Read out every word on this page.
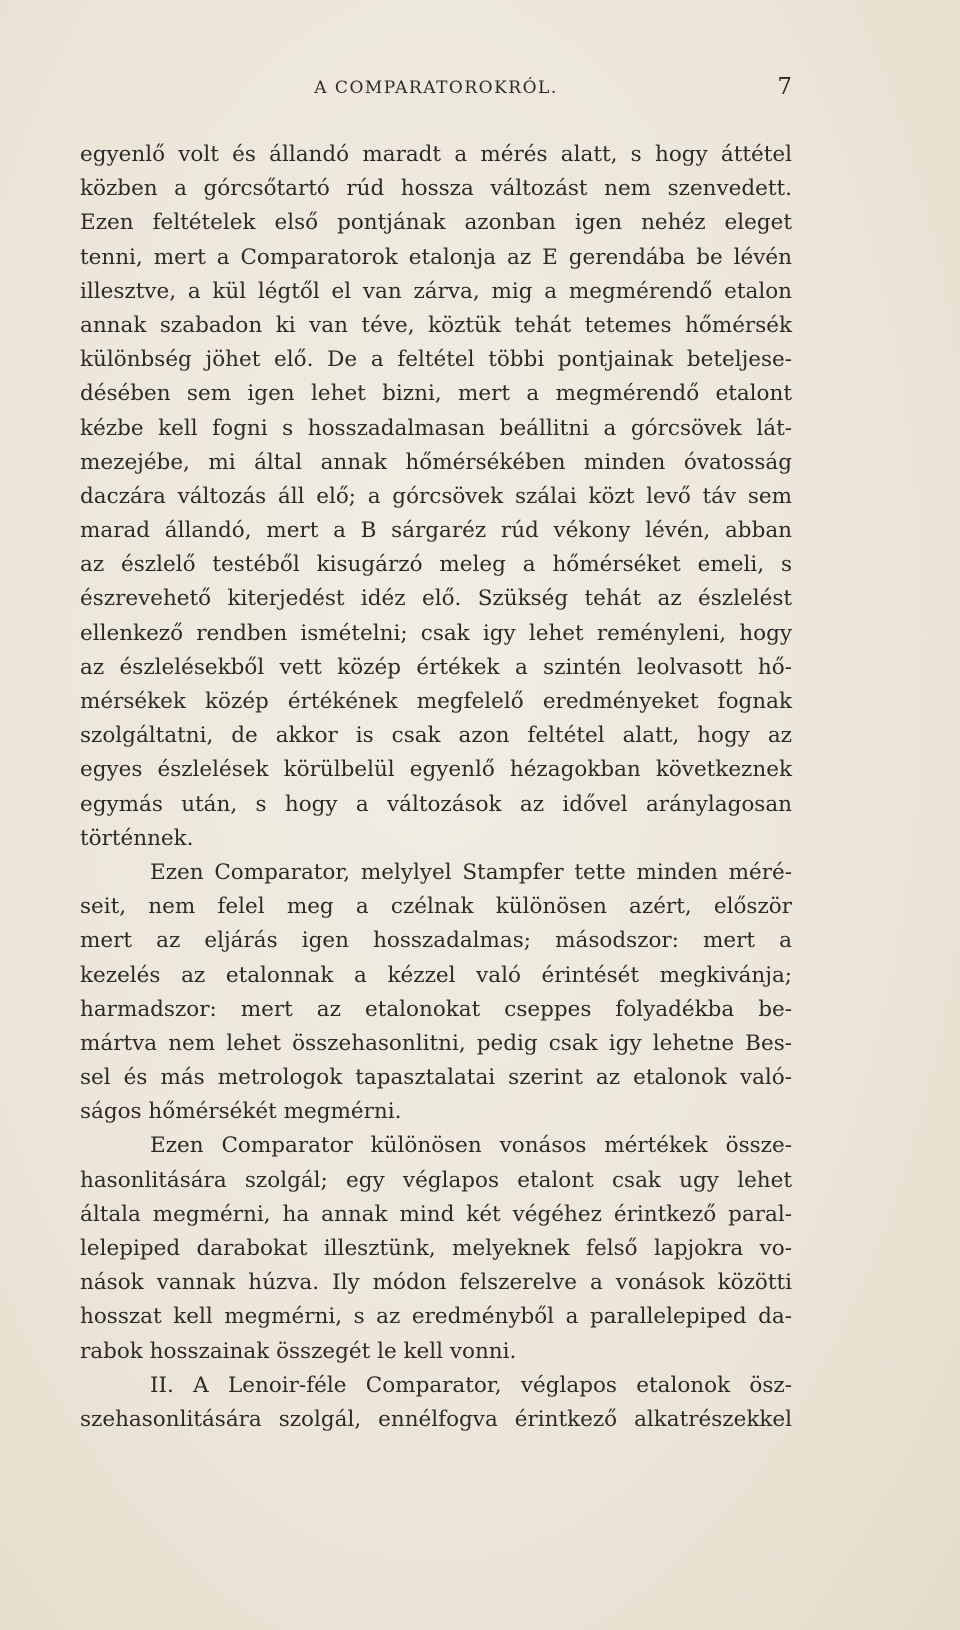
A COMPARATOROKRÓL.	7
egyenlő volt és állandó maradt a mérés alatt, s hogy áttétel
közben a górcsőtartó rúd hossza változást nem szenvedett.
Ezen feltételek első pontjának azonban igen nehéz eleget
tenni, mert a Comparatorok etalonja az E gerendába be lévén
illesztve, a kül légtől el van zárva, mig a megmérendő etalon
annak szabadon ki van téve, köztük tehát tetemes hőmérsék
különbség jöhet elő. De a feltétel többi pontjainak beteljese-
désében sem igen lehet bizni, mert a megmérendő etalont
kézbe kell fogni s hosszadalmasan beállitni a górcsövek lát-
mezejébe, mi által annak hőmérsékében minden óvatosság
daczára változás áll elő; a górcsövek szálai közt levő táv sem
marad állandó, mert a B sárgaréz rúd vékony lévén, abban
az észlelő testéből kisugárzó meleg a hőmérséket emeli, s
észrevehető kiterjedést idéz elő. Szükség tehát az észlelést
ellenkező rendben ismételni; csak igy lehet reményleni, hogy
az észlelésekből vett közép értékek a szintén leolvasott hő-
mérsékek közép értékének megfelelő eredményeket fognak
szolgáltatni, de akkor is csak azon feltétel alatt, hogy az
egyes észlelések körülbelül egyenlő hézagokban következnek
egymás után, s hogy a változások az idővel aránylagosan
történnek.
Ezen Comparator, melylyel Stampfer tette minden méré-
seit, nem felel meg a czélnak különösen azért, először
mert az eljárás igen hosszadalmas; másodszor: mert a
kezelés az etalonnak a kézzel való érintését megkivánja;
harmadszor: mert az etalonokat cseppes folyadékba be-
mártva nem lehet összehasonlitni, pedig csak igy lehetne Bes-
sel és más metrologok tapasztalatai szerint az etalonok való-
ságos hőmérsékét megmérni.
Ezen Comparator különösen vonásos mértékek össze-
hasonlitására szolgál; egy véglapos etalont csak ugy lehet
általa megmérni, ha annak mind két végéhez érintkező paral-
lelepiped darabokat illesztünk, melyeknek felső lapjokra vo-
nások vannak húzva. Ily módon felszerelve a vonások közötti
hosszat kell megmérni, s az eredményből a parallelepiped da-
rabok hosszainak összegét le kell vonni.
II. A Lenoir-féle Comparator, véglapos etalonok ösz-
szehasonlitására szolgál, ennélfogva érintkező alkatrészekkel
